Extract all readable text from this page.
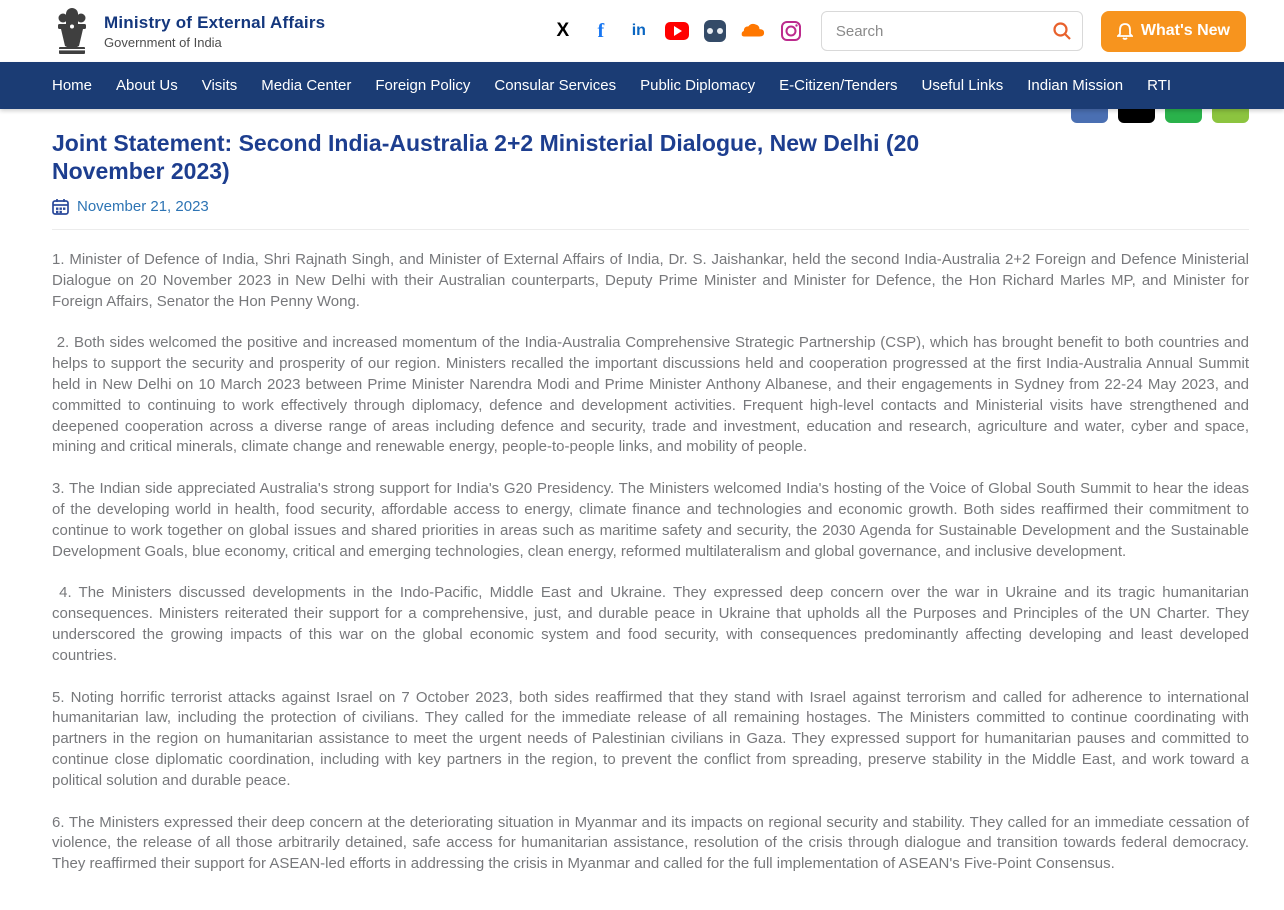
Ministry of External Affairs
Government of India
X	f	in
Search	What's New
Home	About Us	Visits	Media Center	Foreign Policy	Consular Services	Public Diplomacy	E-Citizen/Tenders	Useful Links	Indian Mission	RTI
Joint Statement: Second India-Australia 2+2 Ministerial Dialogue, New Delhi (20 November 2023)
November 21, 2023

1. Minister of Defence of India, Shri Rajnath Singh, and Minister of External Affairs of India, Dr. S. Jaishankar, held the second India-Australia 2+2 Foreign and Defence Ministerial Dialogue on 20 November 2023 in New Delhi with their Australian counterparts, Deputy Prime Minister and Minister for Defence, the Hon Richard Marles MP, and Minister for Foreign Affairs, Senator the Hon Penny Wong.

2. Both sides welcomed the positive and increased momentum of the India-Australia Comprehensive Strategic Partnership (CSP), which has brought benefit to both countries and helps to support the security and prosperity of our region. Ministers recalled the important discussions held and cooperation progressed at the first India-Australia Annual Summit held in New Delhi on 10 March 2023 between Prime Minister Narendra Modi and Prime Minister Anthony Albanese, and their engagements in Sydney from 22-24 May 2023, and committed to continuing to work effectively through diplomacy, defence and development activities. Frequent high-level contacts and Ministerial visits have strengthened and deepened cooperation across a diverse range of areas including defence and security, trade and investment, education and research, agriculture and water, cyber and space, mining and critical minerals, climate change and renewable energy, people-to-people links, and mobility of people.

3. The Indian side appreciated Australia's strong support for India's G20 Presidency. The Ministers welcomed India's hosting of the Voice of Global South Summit to hear the ideas of the developing world in health, food security, affordable access to energy, climate finance and technologies and economic growth. Both sides reaffirmed their commitment to continue to work together on global issues and shared priorities in areas such as maritime safety and security, the 2030 Agenda for Sustainable Development and the Sustainable Development Goals, blue economy, critical and emerging technologies, clean energy, reformed multilateralism and global governance, and inclusive development.

4. The Ministers discussed developments in the Indo-Pacific, Middle East and Ukraine. They expressed deep concern over the war in Ukraine and its tragic humanitarian consequences. Ministers reiterated their support for a comprehensive, just, and durable peace in Ukraine that upholds all the Purposes and Principles of the UN Charter. They underscored the growing impacts of this war on the global economic system and food security, with consequences predominantly affecting developing and least developed countries.

5. Noting horrific terrorist attacks against Israel on 7 October 2023, both sides reaffirmed that they stand with Israel against terrorism and called for adherence to international humanitarian law, including the protection of civilians. They called for the immediate release of all remaining hostages. The Ministers committed to continue coordinating with partners in the region on humanitarian assistance to meet the urgent needs of Palestinian civilians in Gaza. They expressed support for humanitarian pauses and committed to continue close diplomatic coordination, including with key partners in the region, to prevent the conflict from spreading, preserve stability in the Middle East, and work toward a political solution and durable peace.

6. The Ministers expressed their deep concern at the deteriorating situation in Myanmar and its impacts on regional security and stability. They called for an immediate cessation of violence, the release of all those arbitrarily detained, safe access for humanitarian assistance, resolution of the crisis through dialogue and transition towards federal democracy. They reaffirmed their support for ASEAN-led efforts in addressing the crisis in Myanmar and called for the full implementation of ASEAN's Five-Point Consensus.
